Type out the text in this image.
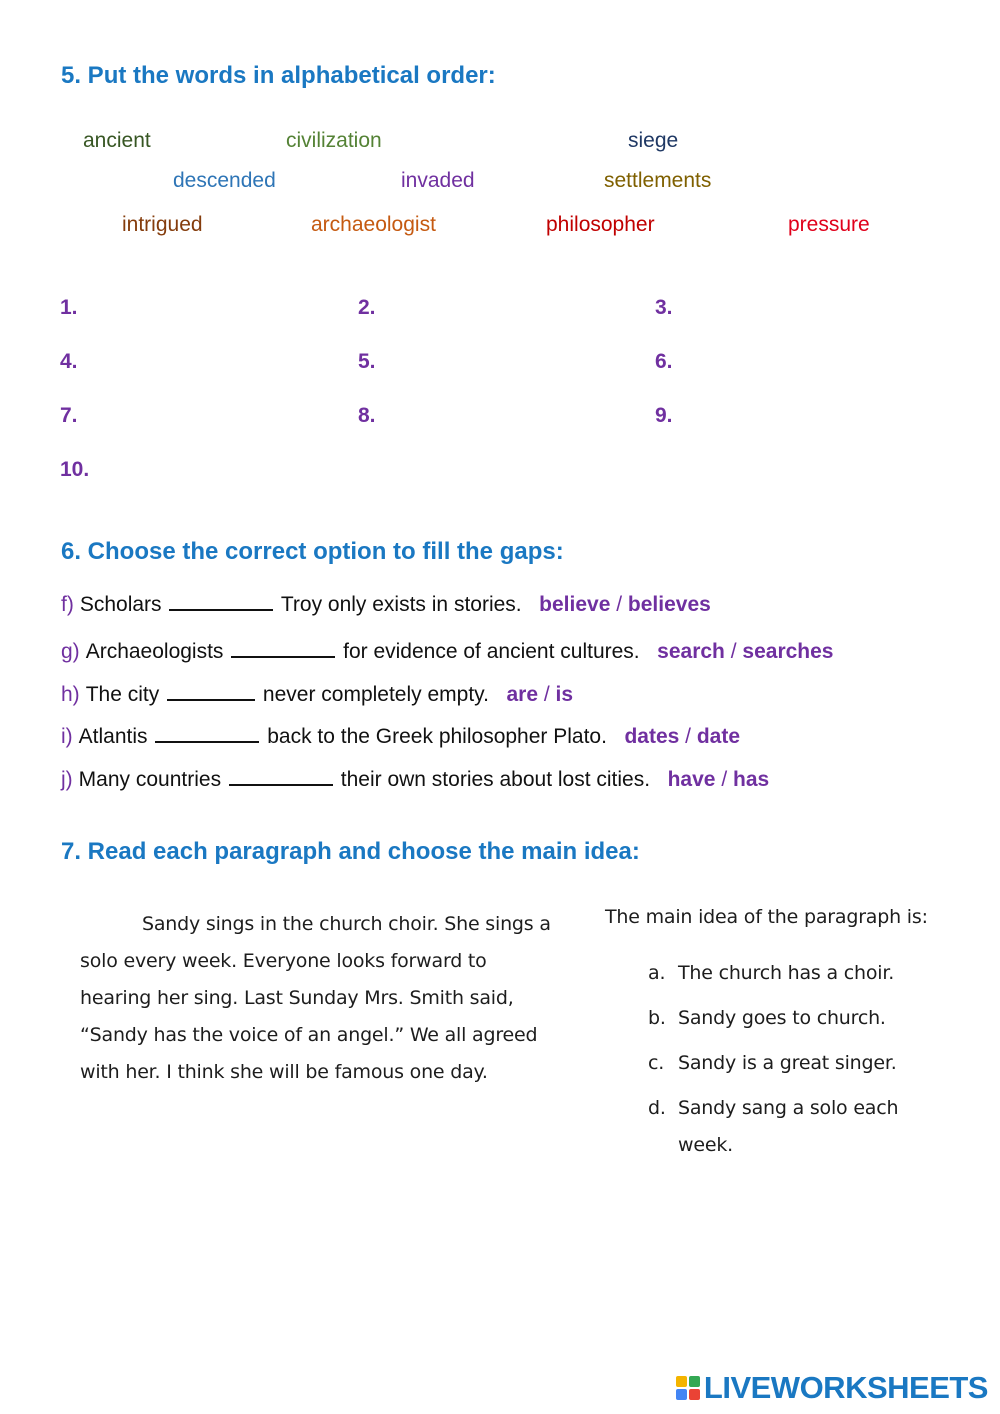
5. Put the words in alphabetical order:
ancient	civilization	siege
descended	invaded	settlements
intrigued	archaeologist	philosopher	pressure
1.	2.	3.
4.	5.	6.
7.	8.	9.
10.
6. Choose the correct option to fill the gaps:
f) Scholars	Troy only exists in stories. believe / believes
g) Archaeologists	for evidence of ancient cultures. search / searches
h) The city	never completely empty. are / is
i) Atlantis	back to the Greek philosopher Plato. dates / date
j) Many countries	their own stories about lost cities. have / has
7. Read each paragraph and choose the main idea:

Sandy sings in the church choir. She sings a

solo every week. Everyone looks forward to

hearing her sing. Last Sunday Mrs. Smith said,

“Sandy has the voice of an angel.” We all agreed

with her. I think she will be famous one day.

The main idea of the paragraph is:
a. The church has a choir.
b. Sandy goes to church.
c. Sandy is a great singer.
d. Sandy sang a solo each
week.
LIVEWORKSHEETS
